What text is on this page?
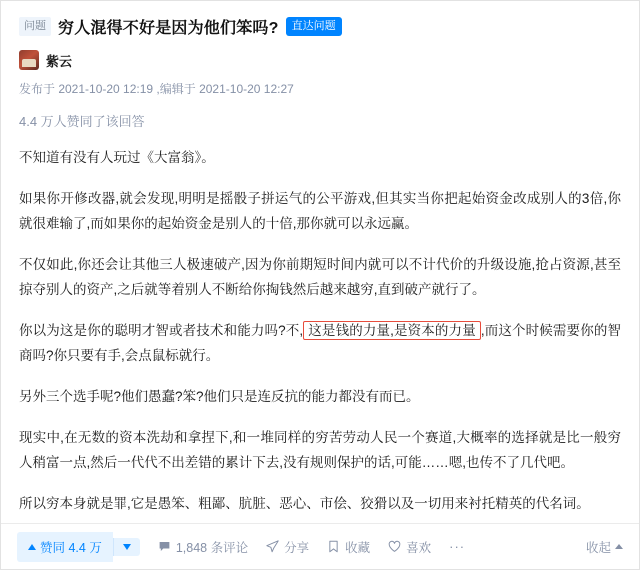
问题 穷人混得不好是因为他们笨吗?	直达问题
紫云
发布于 2021-10-20 12:19 ,编辑于 2021-10-20 12:27
4.4 万人赞同了该回答

不知道有没有人玩过《大富翁》。

如果你开修改器,就会发现,明明是摇骰子拼运气的公平游戏,但其实当你把起始资金改成别人的3倍,你就很难输了,而如果你的起始资金是别人的十倍,那你就可以永远赢。

不仅如此,你还会让其他三人极速破产,因为你前期短时间内就可以不计代价的升级设施,抢占资源,甚至掠夺别人的资产,之后就等着别人不断给你掏钱然后越来越穷,直到破产就行了。

你以为这是你的聪明才智或者技术和能力吗?不, 这是钱的力量,是资本的力量 ,而这个时候需要你的智商吗?你只要有手,会点鼠标就行。

另外三个选手呢?他们愚蠢?笨?他们只是连反抗的能力都没有而已。

现实中,在无数的资本洗劫和拿捏下,和一堆同样的穷苦劳动人民一个赛道,大概率的选择就是比一般穷人稍富一点,然后一代代不出差错的累计下去,没有规则保护的话,可能……嗯,也传不了几代吧。

所以穷本身就是罪,它是愚笨、粗鄙、肮脏、恶心、市侩、狡猾以及一切用来衬托精英的代名词。

赞同 4.4 万	1,848 条评论	分享	收藏	喜欢 ···	收起
